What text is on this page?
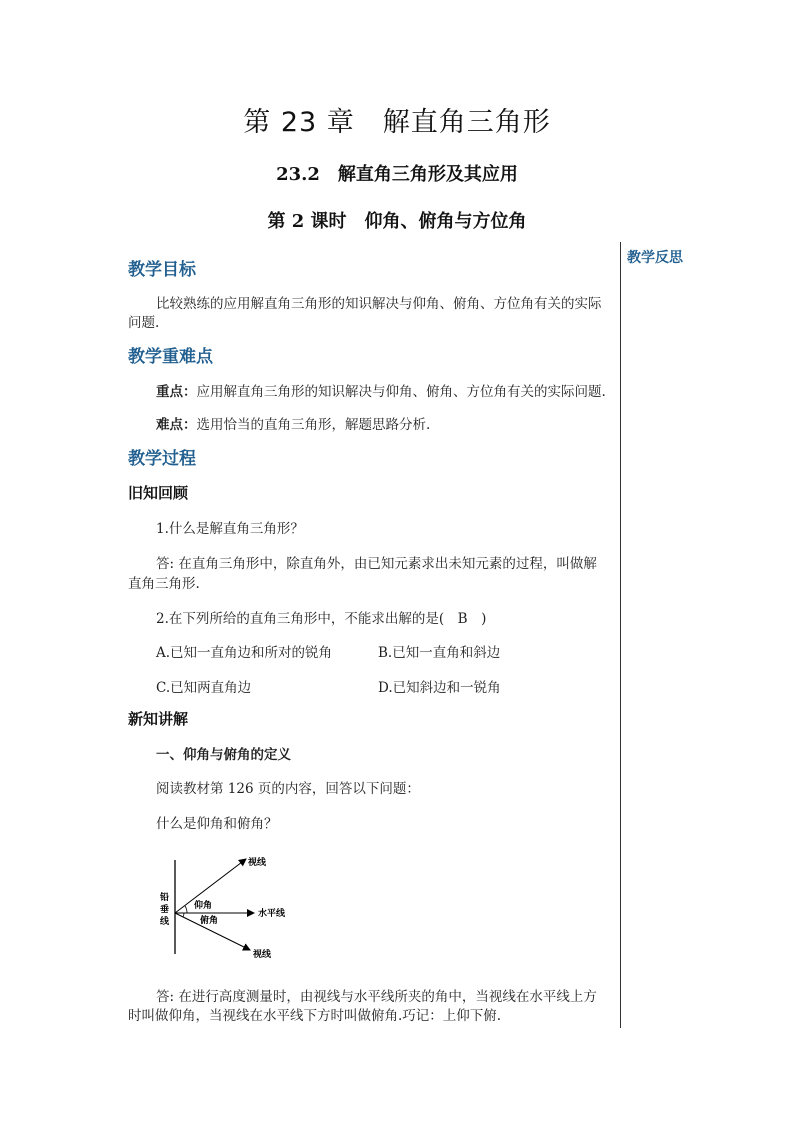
第 23 章　解直角三角形
23.2　解直角三角形及其应用
第 2 课时　仰角、俯角与方位角
教学反思
教学目标
比较熟练的应用解直角三角形的知识解决与仰角、俯角、方位角有关的实际
问题.
教学重难点
重点：应用解直角三角形的知识解决与仰角、俯角、方位角有关的实际问题.
难点：选用恰当的直角三角形，解题思路分析.
教学过程
旧知回顾
1.什么是解直角三角形？
答: 在直角三角形中，除直角外，由已知元素求出未知元素的过程，叫做解
直角三角形.
2.在下列所给的直角三角形中，不能求出解的是(　B　)
A.已知一直角边和所对的锐角	B.已知一直角和斜边
C.已知两直角边	D.已知斜边和一锐角
新知讲解
一、仰角与俯角的定义
阅读教材第 126 页的内容，回答以下问题：
什么是仰角和俯角？
视线
水平线
视线
铅
垂
线
仰角
俯角
答: 在进行高度测量时，由视线与水平线所夹的角中，当视线在水平线上方
时叫做仰角，当视线在水平线下方时叫做俯角.巧记：上仰下俯.
